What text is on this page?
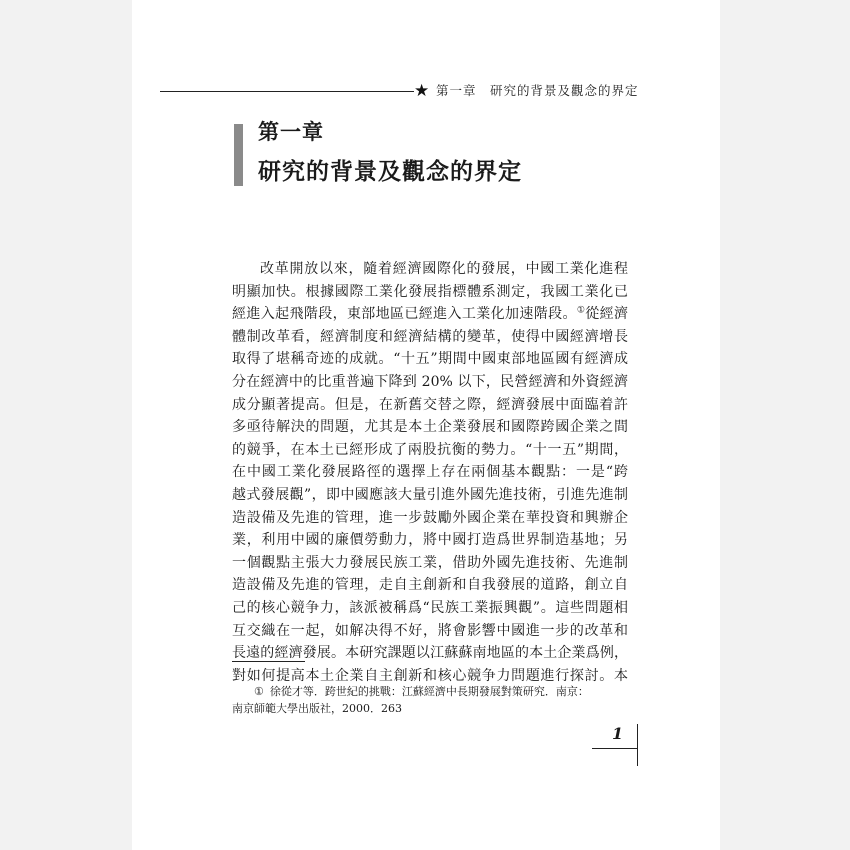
★ 第一章　研究的背景及觀念的界定
第一章
研究的背景及觀念的界定
改革開放以來，隨着經濟國際化的發展，中國工業化進程
明顯加快。根據國際工業化發展指標體系測定，我國工業化已
經進入起飛階段，東部地區已經進入工業化加速階段。①從經濟
體制改革看，經濟制度和經濟結構的變革，使得中國經濟增長
取得了堪稱奇迹的成就。“十五”期間中國東部地區國有經濟成
分在經濟中的比重普遍下降到 20% 以下，民營經濟和外資經濟
成分顯著提高。但是，在新舊交替之際，經濟發展中面臨着許
多亟待解決的問題，尤其是本土企業發展和國際跨國企業之間
的競爭，在本土已經形成了兩股抗衡的勢力。“十一五”期間，
在中國工業化發展路徑的選擇上存在兩個基本觀點：一是“跨
越式發展觀”，即中國應該大量引進外國先進技術，引進先進制
造設備及先進的管理，進一步鼓勵外國企業在華投資和興辦企
業，利用中國的廉價勞動力，將中國打造爲世界制造基地；另
一個觀點主張大力發展民族工業，借助外國先進技術、先進制
造設備及先進的管理，走自主創新和自我發展的道路，創立自
己的核心競争力，該派被稱爲“民族工業振興觀”。這些問題相
互交織在一起，如解决得不好，將會影響中國進一步的改革和
長遠的經濟發展。本研究課題以江蘇蘇南地區的本土企業爲例，
對如何提高本土企業自主創新和核心競争力問題進行探討。本
① 徐從才等．跨世紀的挑戰：江蘇經濟中長期發展對策研究．南京：
南京師範大學出版社，2000．263
1
